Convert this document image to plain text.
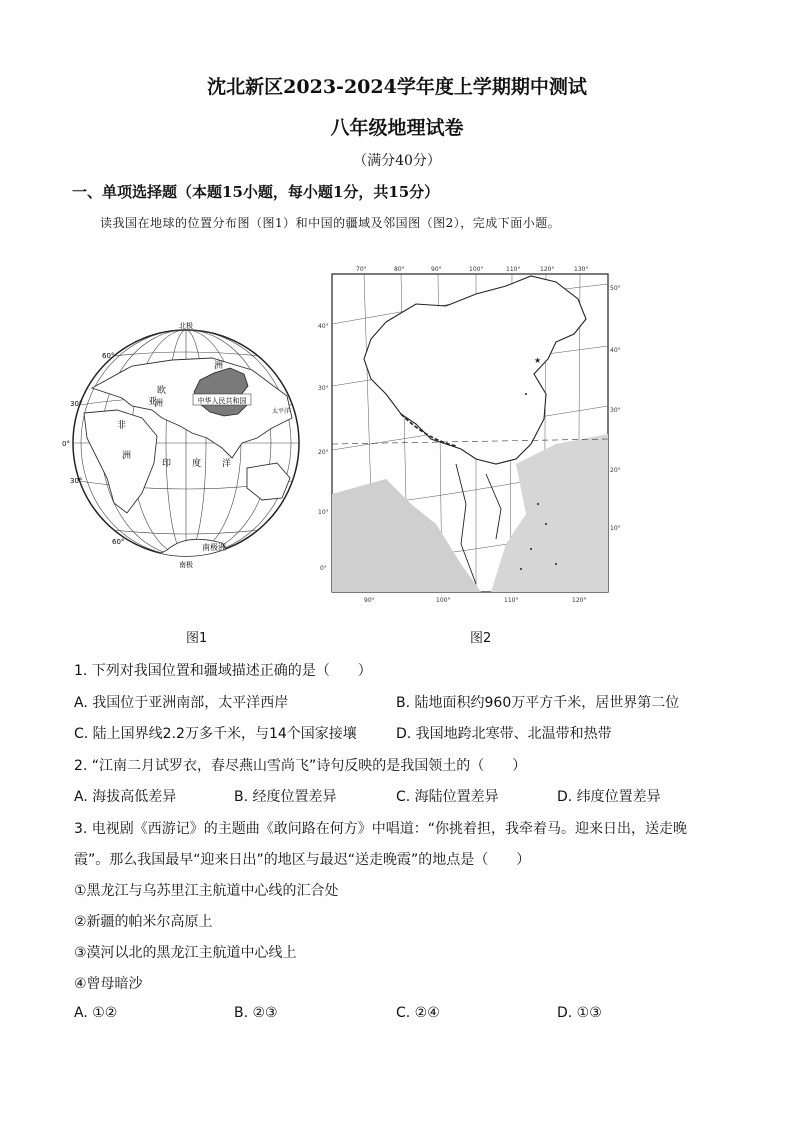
沈北新区2023-2024学年度上学期期中测试
八年级地理试卷
（满分40分）
一、单项选择题（本题15小题，每小题1分，共15分）
读我国在地球的位置分布图（图1）和中国的疆域及邻国图（图2），完成下面小题。
中华人民共和国
北极
南极
欧
洲
洲
亚
非
洲
印 度 洋
南极洲
太平洋
60°
30°
0°
30°
60°
70°	80°	90°	100°	110°	120°	130°
90°	100°	110°	120°
40°
30°
20°
10°
0°
50°
40°
30°
20°
10°
★
图1	图2
1. 下列对我国位置和疆域描述正确的是（　　）
A. 我国位于亚洲南部，太平洋西岸	B. 陆地面积约960万平方千米，居世界第二位
C. 陆上国界线2.2万多千米，与14个国家接壤	D. 我国地跨北寒带、北温带和热带
2. “江南二月试罗衣，春尽燕山雪尚飞”诗句反映的是我国领土的（　　）
A. 海拔高低差异	B. 经度位置差异	C. 海陆位置差异	D. 纬度位置差异
3. 电视剧《西游记》的主题曲《敢问路在何方》中唱道：“你挑着担，我牵着马。迎来日出，送走晚
霞”。那么我国最早“迎来日出”的地区与最迟“送走晚霞”的地点是（　　）
①黑龙江与乌苏里江主航道中心线的汇合处
②新疆的帕米尔高原上
③漠河以北的黑龙江主航道中心线上
④曾母暗沙
A. ①②	B. ②③	C. ②④	D. ①③
